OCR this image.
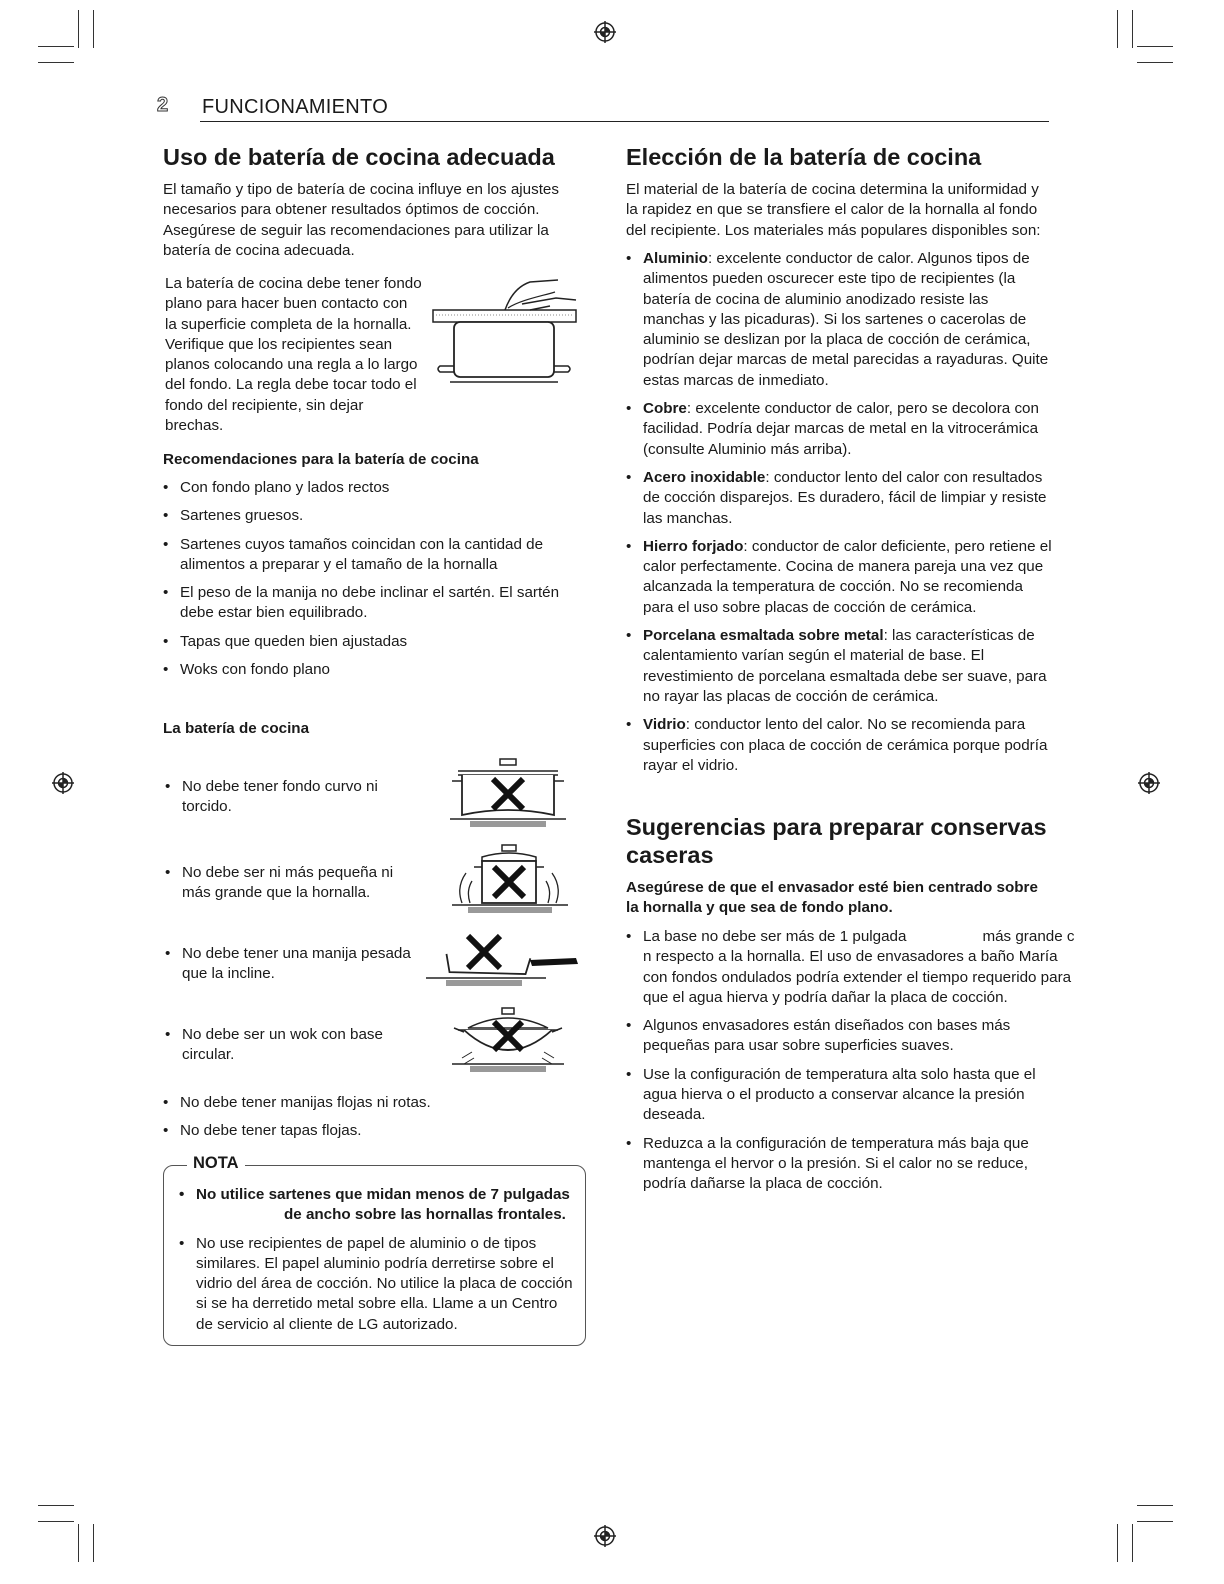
2 FUNCIONAMIENTO
Uso de batería de cocina adecuada

El tamaño y tipo de batería de cocina influye en los ajustes necesarios para obtener resultados óptimos de cocción. Asegúrese de seguir las recomendaciones para utilizar la batería de cocina adecuada.

La batería de cocina debe tener fondo plano para hacer buen contacto con la superficie completa de la hornalla. Verifique que los recipientes sean planos colocando una regla a lo largo del fondo. La regla debe tocar todo el fondo del recipiente, sin dejar brechas.

Recomendaciones para la batería de cocina
• Con fondo plano y lados rectos
• Sartenes gruesos.
• Sartenes cuyos tamaños coincidan con la cantidad de alimentos a preparar y el tamaño de la hornalla
• El peso de la manija no debe inclinar el sartén. El sartén debe estar bien equilibrado.
• Tapas que queden bien ajustadas
• Woks con fondo plano
La batería de cocina
• No debe tener fondo curvo ni torcido.
• No debe ser ni más pequeña ni más grande que la hornalla.
• No debe tener una manija pesada que la incline.
• No debe ser un wok con base circular.
• No debe tener manijas flojas ni rotas.
• No debe tener tapas flojas.
NOTA
• No utilice sartenes que midan menos de 7 pulgadas
de ancho sobre las hornallas frontales.
• No use recipientes de papel de aluminio o de tipos similares. El papel aluminio podría derretirse sobre el vidrio del área de cocción. No utilice la placa de cocción si se ha derretido metal sobre ella. Llame a un Centro de servicio al cliente de LG autorizado.
Elección de la batería de cocina

El material de la batería de cocina determina la uniformidad y la rapidez en que se transfiere el calor de la hornalla al fondo del recipiente. Los materiales más populares disponibles son:

• Aluminio: excelente conductor de calor. Algunos tipos de alimentos pueden oscurecer este tipo de recipientes (la batería de cocina de aluminio anodizado resiste las manchas y las picaduras). Si los sartenes o cacerolas de aluminio se deslizan por la placa de cocción de cerámica, podrían dejar marcas de metal parecidas a rayaduras. Quite estas marcas de inmediato.
• Cobre: excelente conductor de calor, pero se decolora con facilidad. Podría dejar marcas de metal en la vitrocerámica (consulte Aluminio más arriba).
• Acero inoxidable: conductor lento del calor con resultados de cocción disparejos. Es duradero, fácil de limpiar y resiste las manchas.
• Hierro forjado: conductor de calor deficiente, pero retiene el calor perfectamente. Cocina de manera pareja una vez que alcanzada la temperatura de cocción. No se recomienda para el uso sobre placas de cocción de cerámica.
• Porcelana esmaltada sobre metal: las características de calentamiento varían según el material de base. El revestimiento de porcelana esmaltada debe ser suave, para no rayar las placas de cocción de cerámica.
• Vidrio: conductor lento del calor. No se recomienda para superficies con placa de cocción de cerámica porque podría rayar el vidrio.
Sugerencias para preparar conservas caseras

Asegúrese de que el envasador esté bien centrado sobre la hornalla y que sea de fondo plano.

• La base no debe ser más de 1 pulgada	más grande c n respecto a la hornalla. El uso de envasadores a baño María con fondos ondulados podría extender el tiempo requerido para que el agua hierva y podría dañar la placa de cocción.
• Algunos envasadores están diseñados con bases más pequeñas para usar sobre superficies suaves.
• Use la configuración de temperatura alta solo hasta que el agua hierva o el producto a conservar alcance la presión deseada.
• Reduzca a la configuración de temperatura más baja que mantenga el hervor o la presión. Si el calor no se reduce, podría dañarse la placa de cocción.
